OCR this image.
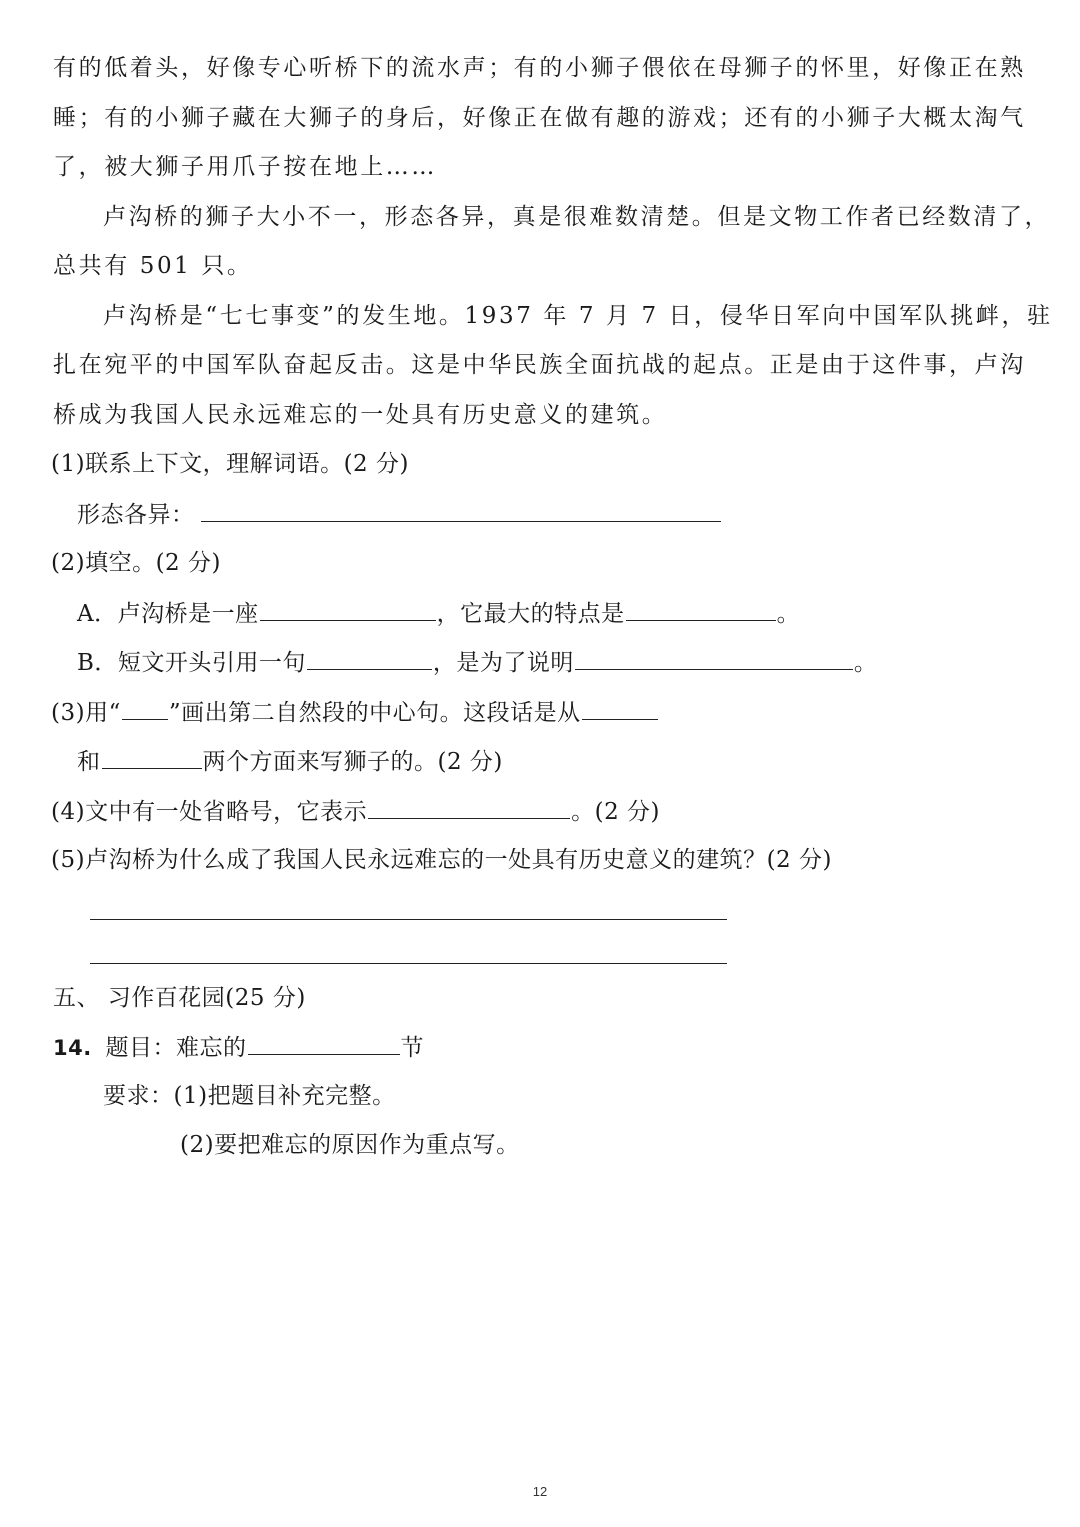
有的低着头，好像专心听桥下的流水声；有的小狮子偎依在母狮子的怀里，好像正在熟
睡；有的小狮子藏在大狮子的身后，好像正在做有趣的游戏；还有的小狮子大概太淘气
了，被大狮子用爪子按在地上……
卢沟桥的狮子大小不一，形态各异，真是很难数清楚。但是文物工作者已经数清了，
总共有 501 只。
卢沟桥是“七七事变”的发生地。1937 年 7 月 7 日，侵华日军向中国军队挑衅，驻
扎在宛平的中国军队奋起反击。这是中华民族全面抗战的起点。正是由于这件事，卢沟
桥成为我国人民永远难忘的一处具有历史意义的建筑。
(1)联系上下文，理解词语。(2 分)
形态各异：
(2)填空。(2 分)
A．卢沟桥是一座	，它最大的特点是	。
B．短文开头引用一句	，是为了说明	。
(3)用“ ”画出第二自然段的中心句。这段话是从
和	两个方面来写狮子的。(2 分)
(4)文中有一处省略号，它表示	。(2 分)
(5)卢沟桥为什么成了我国人民永远难忘的一处具有历史意义的建筑？(2 分)
五、 习作百花园(25 分)
14. 题目：难忘的	节
要求：(1)把题目补充完整。
(2)要把难忘的原因作为重点写。
12
